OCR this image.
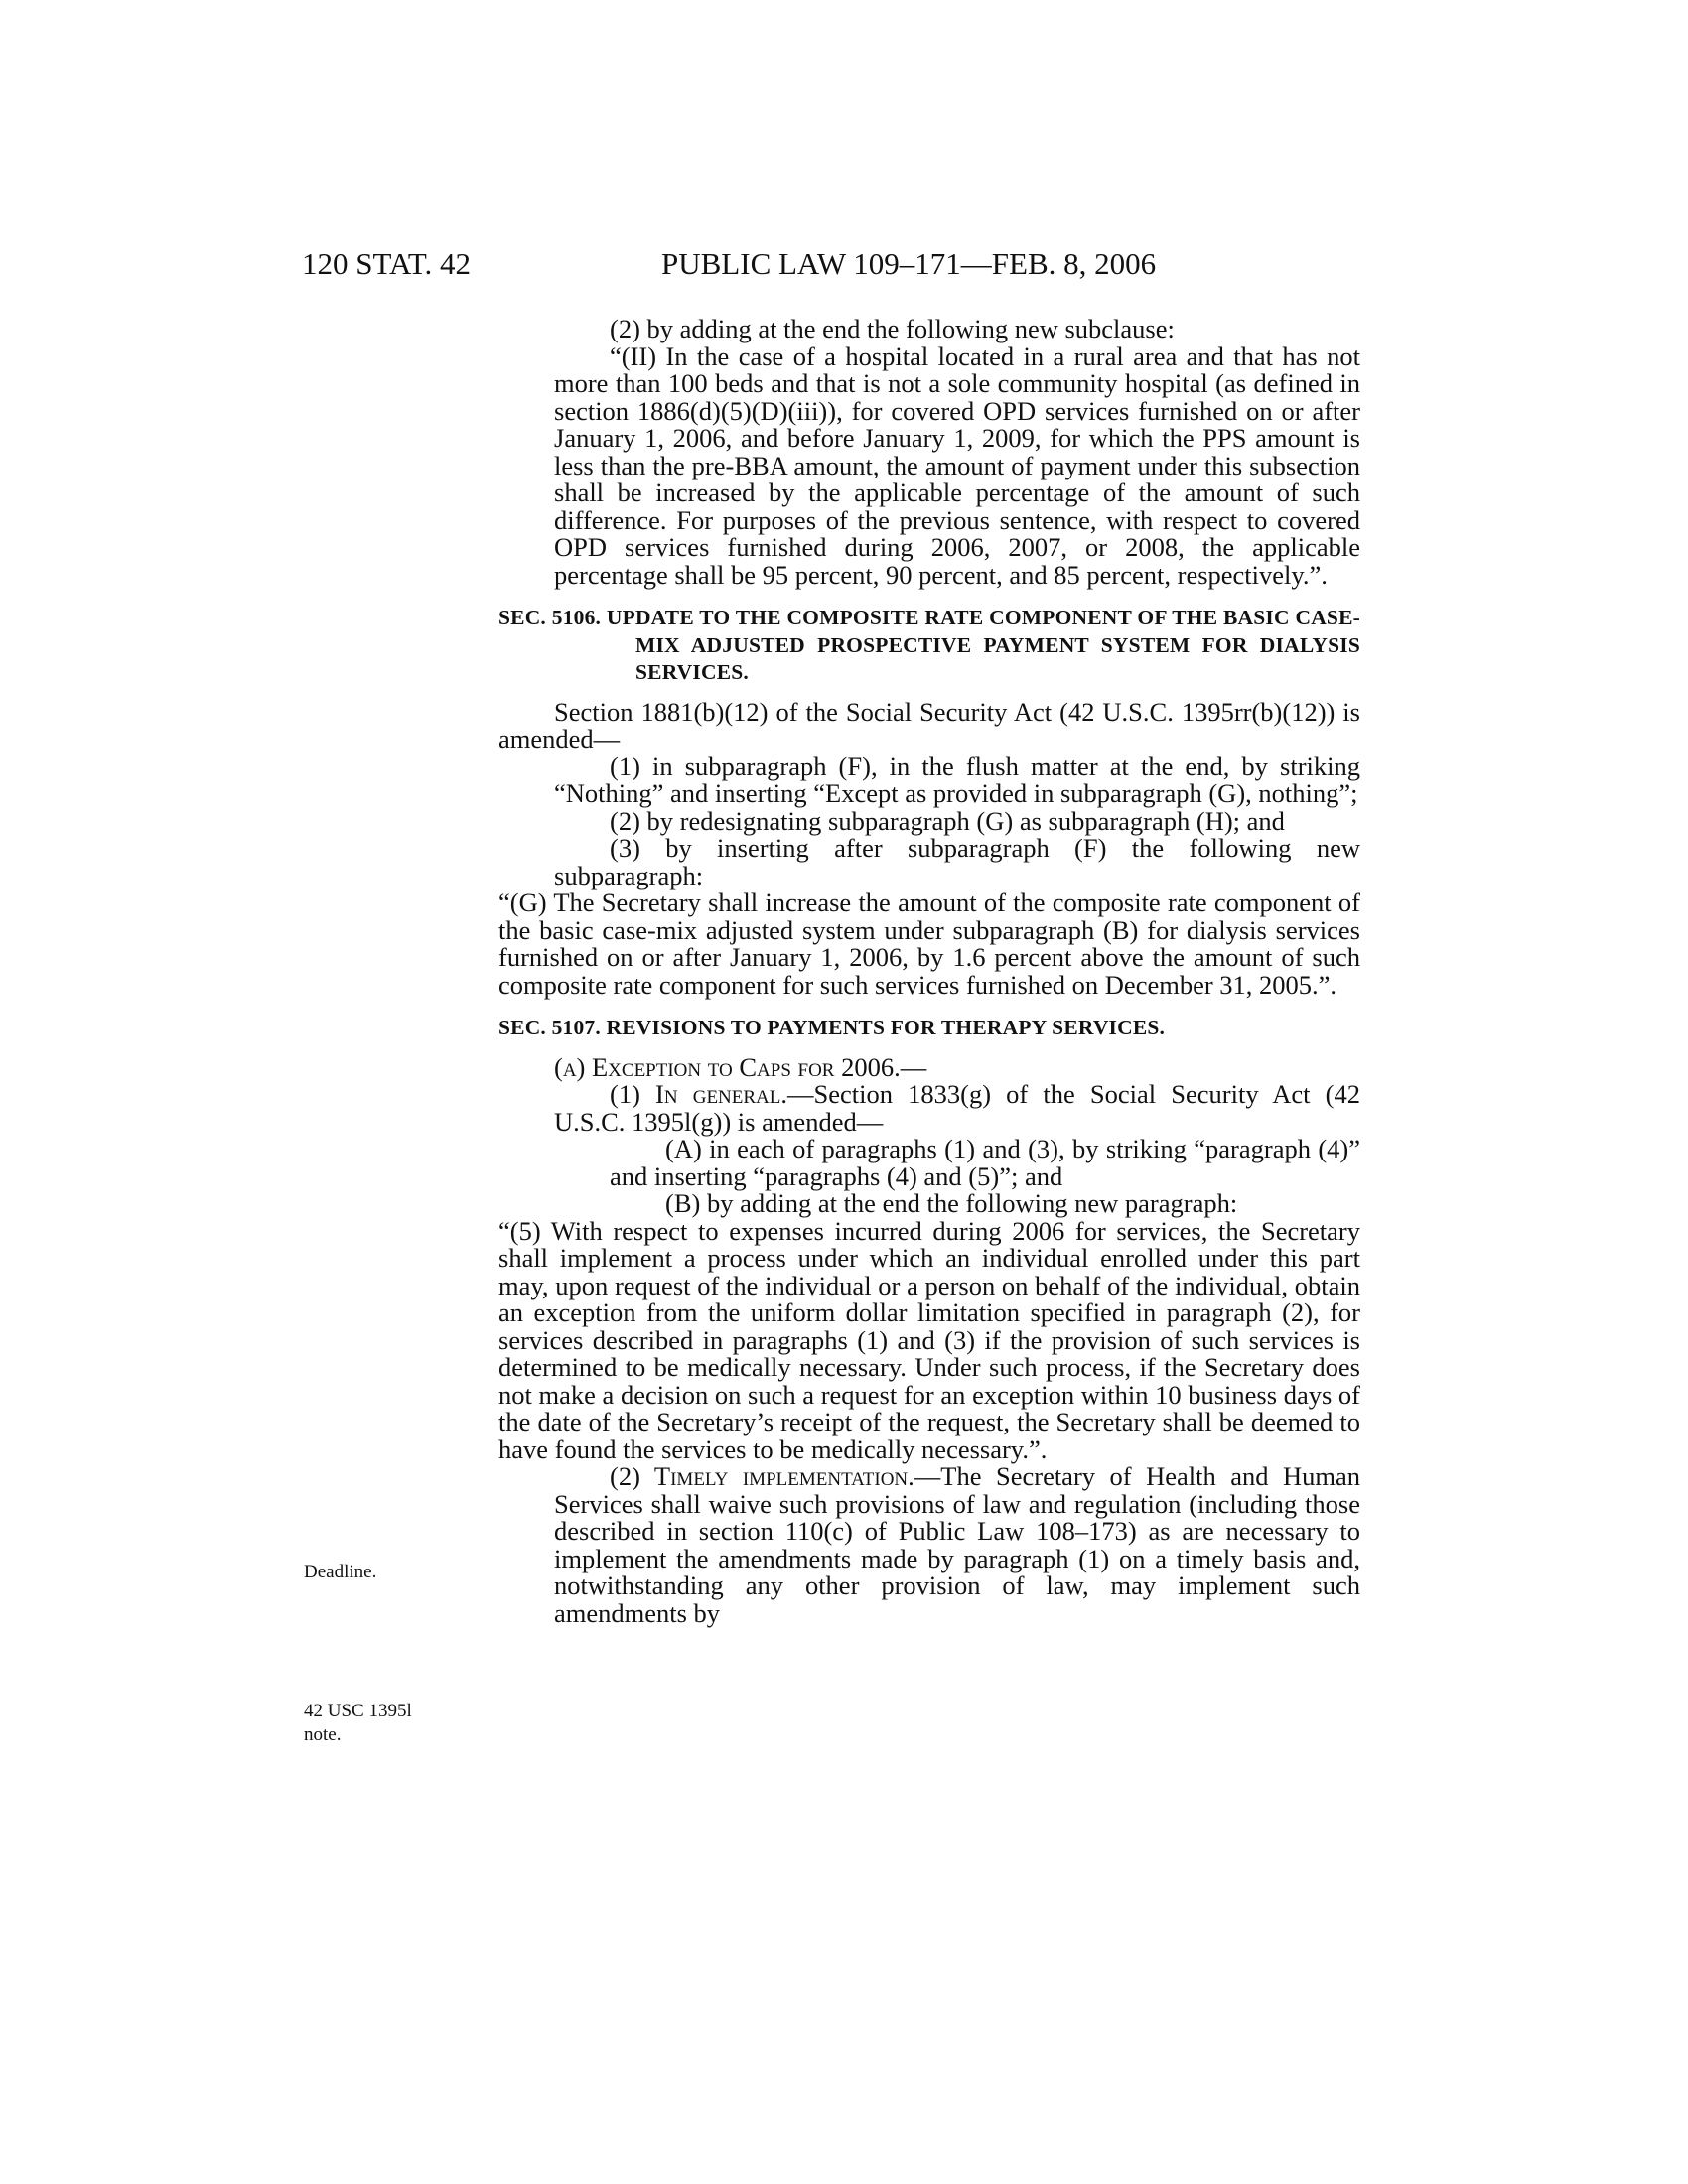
120 STAT. 42	PUBLIC LAW 109–171—FEB. 8, 2006
Deadline.
42 USC 1395l
note.

(2) by adding at the end the following new subclause:

“(II) In the case of a hospital located in a rural area and that has not more than 100 beds and that is not a sole community hospital (as defined in section 1886(d)(5)(D)(iii)), for covered OPD services furnished on or after January 1, 2006, and before January 1, 2009, for which the PPS amount is less than the pre-BBA amount, the amount of payment under this subsection shall be increased by the applicable percentage of the amount of such difference. For purposes of the previous sentence, with respect to covered OPD services furnished during 2006, 2007, or 2008, the applicable percentage shall be 95 percent, 90 percent, and 85 percent, respectively.”.

SEC. 5106. UPDATE TO THE COMPOSITE RATE COMPONENT OF THE BASIC CASE-MIX ADJUSTED PROSPECTIVE PAYMENT SYSTEM FOR DIALYSIS SERVICES.

Section 1881(b)(12) of the Social Security Act (42 U.S.C. 1395rr(b)(12)) is amended—

(1) in subparagraph (F), in the flush matter at the end, by striking “Nothing” and inserting “Except as provided in subparagraph (G), nothing”;

(2) by redesignating subparagraph (G) as subparagraph (H); and

(3) by inserting after subparagraph (F) the following new subparagraph:

“(G) The Secretary shall increase the amount of the composite rate component of the basic case-mix adjusted system under subparagraph (B) for dialysis services furnished on or after January 1, 2006, by 1.6 percent above the amount of such composite rate component for such services furnished on December 31, 2005.”.

SEC. 5107. REVISIONS TO PAYMENTS FOR THERAPY SERVICES.

(a) Exception to Caps for 2006.—

(1) In general.—Section 1833(g) of the Social Security Act (42 U.S.C. 1395l(g)) is amended—

(A) in each of paragraphs (1) and (3), by striking “paragraph (4)” and inserting “paragraphs (4) and (5)”; and

(B) by adding at the end the following new paragraph:

“(5) With respect to expenses incurred during 2006 for services, the Secretary shall implement a process under which an individual enrolled under this part may, upon request of the individual or a person on behalf of the individual, obtain an exception from the uniform dollar limitation specified in paragraph (2), for services described in paragraphs (1) and (3) if the provision of such services is determined to be medically necessary. Under such process, if the Secretary does not make a decision on such a request for an exception within 10 business days of the date of the Secretary’s receipt of the request, the Secretary shall be deemed to have found the services to be medically necessary.”.

(2) Timely implementation.—The Secretary of Health and Human Services shall waive such provisions of law and regulation (including those described in section 110(c) of Public Law 108–173) as are necessary to implement the amendments made by paragraph (1) on a timely basis and, notwithstanding any other provision of law, may implement such amendments by
